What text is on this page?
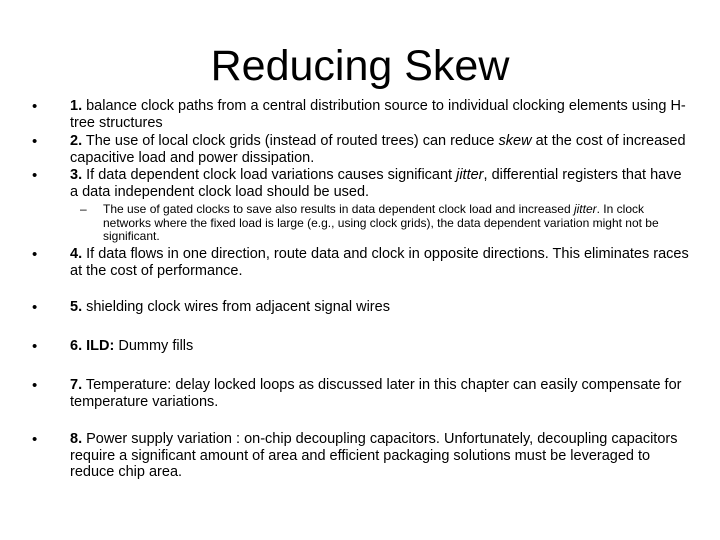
Reducing Skew
• 1. balance clock paths from a central distribution source to individual clocking elements using H-tree structures
• 2. The use of local clock grids (instead of routed trees) can reduce skew at the cost of increased capacitive load and power dissipation.
• 3. If data dependent clock load variations causes significant jitter, differential registers that have a data independent clock load should be used.
– The use of gated clocks to save also results in data dependent clock load and increased jitter. In clock networks where the fixed load is large (e.g., using clock grids), the data dependent variation might not be significant.
• 4. If data flows in one direction, route data and clock in opposite directions. This eliminates races at the cost of performance.
• 5. shielding clock wires from adjacent signal wires
• 6. ILD: Dummy fills
• 7. Temperature: delay locked loops as discussed later in this chapter can easily compensate for temperature variations.
• 8. Power supply variation : on-chip decoupling capacitors. Unfortunately, decoupling capacitors require a significant amount of area and efficient packaging solutions must be leveraged to reduce chip area.
